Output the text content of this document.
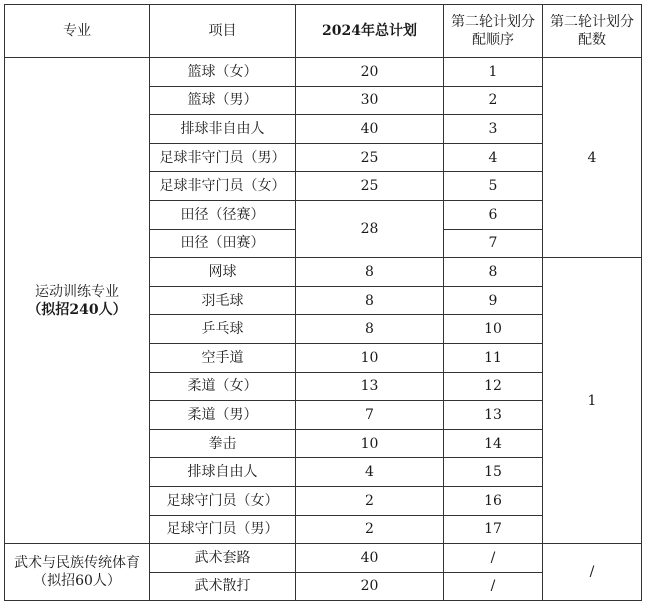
专业	项目	2024年总计划	第二轮计划分
配顺序	第二轮计划分
配数

运动训练专业
（拟招240人）	篮球（女）	20	1	4
	篮球（男）	30	2	
	排球非自由人	40	3	
	足球非守门员（男）	25	4	
	足球非守门员（女）	25	5	
	田径（径赛）	28	6	
	田径（田赛）		7	
	网球	8	8	1
	羽毛球	8	9	
	乒乓球	8	10	
	空手道	10	11	
	柔道（女）	13	12	
	柔道（男）	7	13	
	拳击	10	14	
	排球自由人	4	15	
	足球守门员（女）	2	16	
	足球守门员（男）	2	17	

武术与民族传统体育
（拟招60人）	武术套路	40	/	/
	武术散打	20	/	
